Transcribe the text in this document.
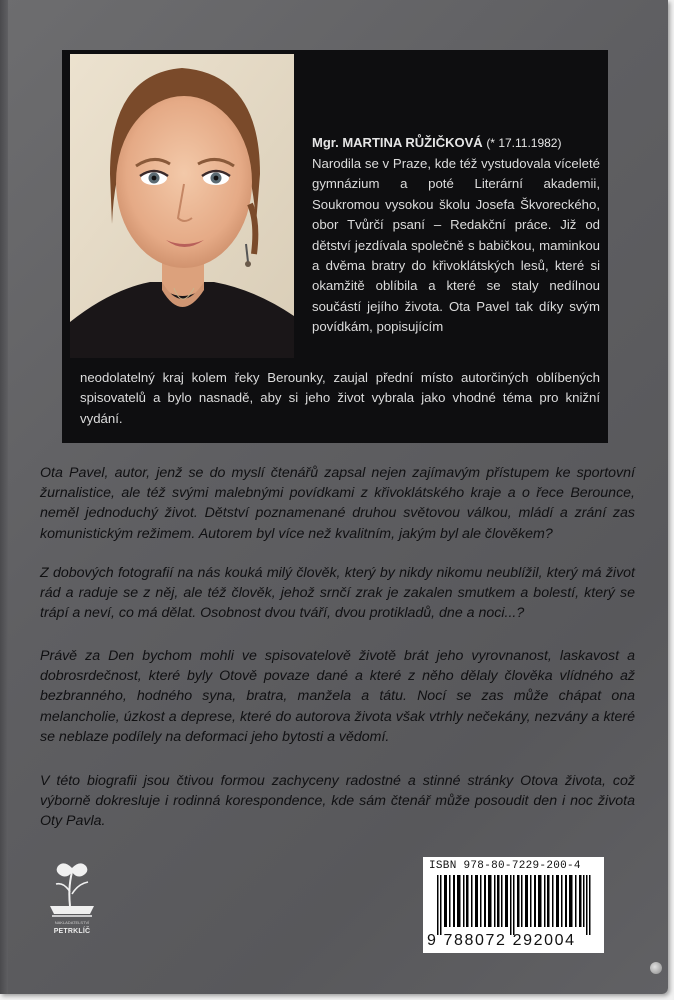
Mgr. MARTINA RŮŽIČKOVÁ (* 17.11.1982)
Narodila se v Praze, kde též vystudovala víceleté gymnázium a poté Literární akademii, Soukromou vysokou školu Josefa Škvoreckého, obor Tvůrčí psaní – Redakční práce. Již od dětství jezdívala společně s babičkou, maminkou a dvěma bratry do křivoklátských lesů, které si okamžitě oblíbila a které se staly nedílnou součástí jejího života. Ota Pavel tak díky svým povídkám, popisujícím
neodolatelný kraj kolem řeky Berounky, zaujal přední místo autorčiných oblíbených spisovatelů a bylo nasnadě, aby si jeho život vybrala jako vhodné téma pro knižní vydání.

Ota Pavel, autor, jenž se do myslí čtenářů zapsal nejen zajímavým přístupem ke sportovní žurnalistice, ale též svými malebnými povídkami z křivoklátského kraje a o řece Berounce, neměl jednoduchý život. Dětství poznamenané druhou světovou válkou, mládí a zrání zas komunistickým režimem. Autorem byl více než kvalitním, jakým byl ale člověkem?

Z dobových fotografií na nás kouká milý člověk, který by nikdy nikomu neublížil, který má život rád a raduje se z něj, ale též člověk, jehož srnčí zrak je zakalen smutkem a bolestí, který se trápí a neví, co má dělat. Osobnost dvou tváří, dvou protikladů, dne a noci...?

Právě za Den bychom mohli ve spisovatelově životě brát jeho vyrovnanost, laskavost a dobrosrdečnost, které byly Otově povaze dané a které z něho dělaly člověka vlídného až bezbranného, hodného syna, bratra, manžela a tátu. Nocí se zas může chápat ona melancholie, úzkost a deprese, které do autorova života však vtrhly nečekány, nezvány a které se neblaze podílely na deformaci jeho bytosti a vědomí.

V této biografii jsou čtivou formou zachyceny radostné a stinné stránky Otova života, což výborně dokresluje i rodinná korespondence, kde sám čtenář může posoudit den i noc života Oty Pavla.

NAKLADATELSTVÍ
PETRKLÍČ
ISBN 978-80-7229-200-4
9 788072 292004
